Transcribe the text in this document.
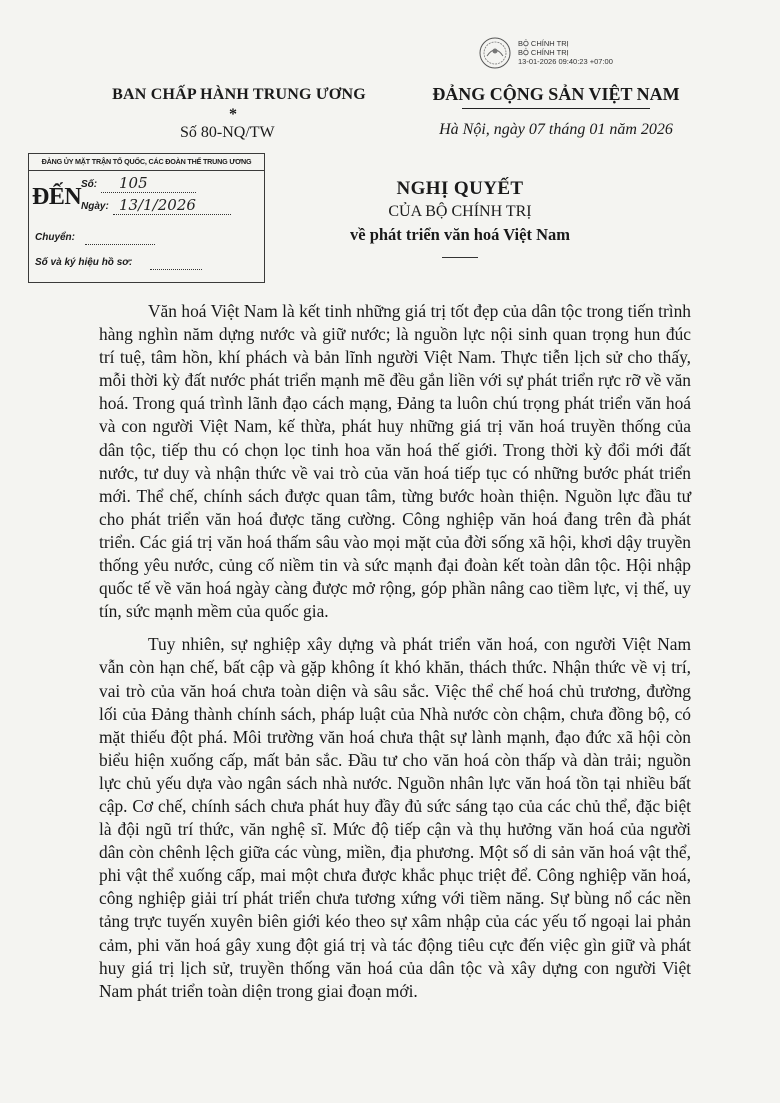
BỘ CHÍNH TRỊ
BỘ CHÍNH TRỊ
13-01-2026 09:40:23 +07:00
BAN CHẤP HÀNH TRUNG ƯƠNG
*
Số 80-NQ/TW
ĐẢNG CỘNG SẢN VIỆT NAM
Hà Nội, ngày 07 tháng 01 năm 2026
ĐẢNG ỦY MẶT TRẬN TỔ QUỐC, CÁC ĐOÀN THỂ TRUNG ƯƠNG
ĐẾN Số: 105
Ngày: 13/1/2026
Chuyển:
Số và ký hiệu hồ sơ:
NGHỊ QUYẾT
CỦA BỘ CHÍNH TRỊ
về phát triển văn hoá Việt Nam

Văn hoá Việt Nam là kết tinh những giá trị tốt đẹp của dân tộc trong tiến trình hàng nghìn năm dựng nước và giữ nước; là nguồn lực nội sinh quan trọng hun đúc trí tuệ, tâm hồn, khí phách và bản lĩnh người Việt Nam. Thực tiễn lịch sử cho thấy, mỗi thời kỳ đất nước phát triển mạnh mẽ đều gắn liền với sự phát triển rực rỡ về văn hoá. Trong quá trình lãnh đạo cách mạng, Đảng ta luôn chú trọng phát triển văn hoá và con người Việt Nam, kế thừa, phát huy những giá trị văn hoá truyền thống của dân tộc, tiếp thu có chọn lọc tinh hoa văn hoá thế giới. Trong thời kỳ đổi mới đất nước, tư duy và nhận thức về vai trò của văn hoá tiếp tục có những bước phát triển mới. Thể chế, chính sách được quan tâm, từng bước hoàn thiện. Nguồn lực đầu tư cho phát triển văn hoá được tăng cường. Công nghiệp văn hoá đang trên đà phát triển. Các giá trị văn hoá thấm sâu vào mọi mặt của đời sống xã hội, khơi dậy truyền thống yêu nước, củng cố niềm tin và sức mạnh đại đoàn kết toàn dân tộc. Hội nhập quốc tế về văn hoá ngày càng được mở rộng, góp phần nâng cao tiềm lực, vị thế, uy tín, sức mạnh mềm của quốc gia.

Tuy nhiên, sự nghiệp xây dựng và phát triển văn hoá, con người Việt Nam vẫn còn hạn chế, bất cập và gặp không ít khó khăn, thách thức. Nhận thức về vị trí, vai trò của văn hoá chưa toàn diện và sâu sắc. Việc thể chế hoá chủ trương, đường lối của Đảng thành chính sách, pháp luật của Nhà nước còn chậm, chưa đồng bộ, có mặt thiếu đột phá. Môi trường văn hoá chưa thật sự lành mạnh, đạo đức xã hội còn biểu hiện xuống cấp, mất bản sắc. Đầu tư cho văn hoá còn thấp và dàn trải; nguồn lực chủ yếu dựa vào ngân sách nhà nước. Nguồn nhân lực văn hoá tồn tại nhiều bất cập. Cơ chế, chính sách chưa phát huy đầy đủ sức sáng tạo của các chủ thể, đặc biệt là đội ngũ trí thức, văn nghệ sĩ. Mức độ tiếp cận và thụ hưởng văn hoá của người dân còn chênh lệch giữa các vùng, miền, địa phương. Một số di sản văn hoá vật thể, phi vật thể xuống cấp, mai một chưa được khắc phục triệt để. Công nghiệp văn hoá, công nghiệp giải trí phát triển chưa tương xứng với tiềm năng. Sự bùng nổ các nền tảng trực tuyến xuyên biên giới kéo theo sự xâm nhập của các yếu tố ngoại lai phản cảm, phi văn hoá gây xung đột giá trị và tác động tiêu cực đến việc gìn giữ và phát huy giá trị lịch sử, truyền thống văn hoá của dân tộc và xây dựng con người Việt Nam phát triển toàn diện trong giai đoạn mới.
